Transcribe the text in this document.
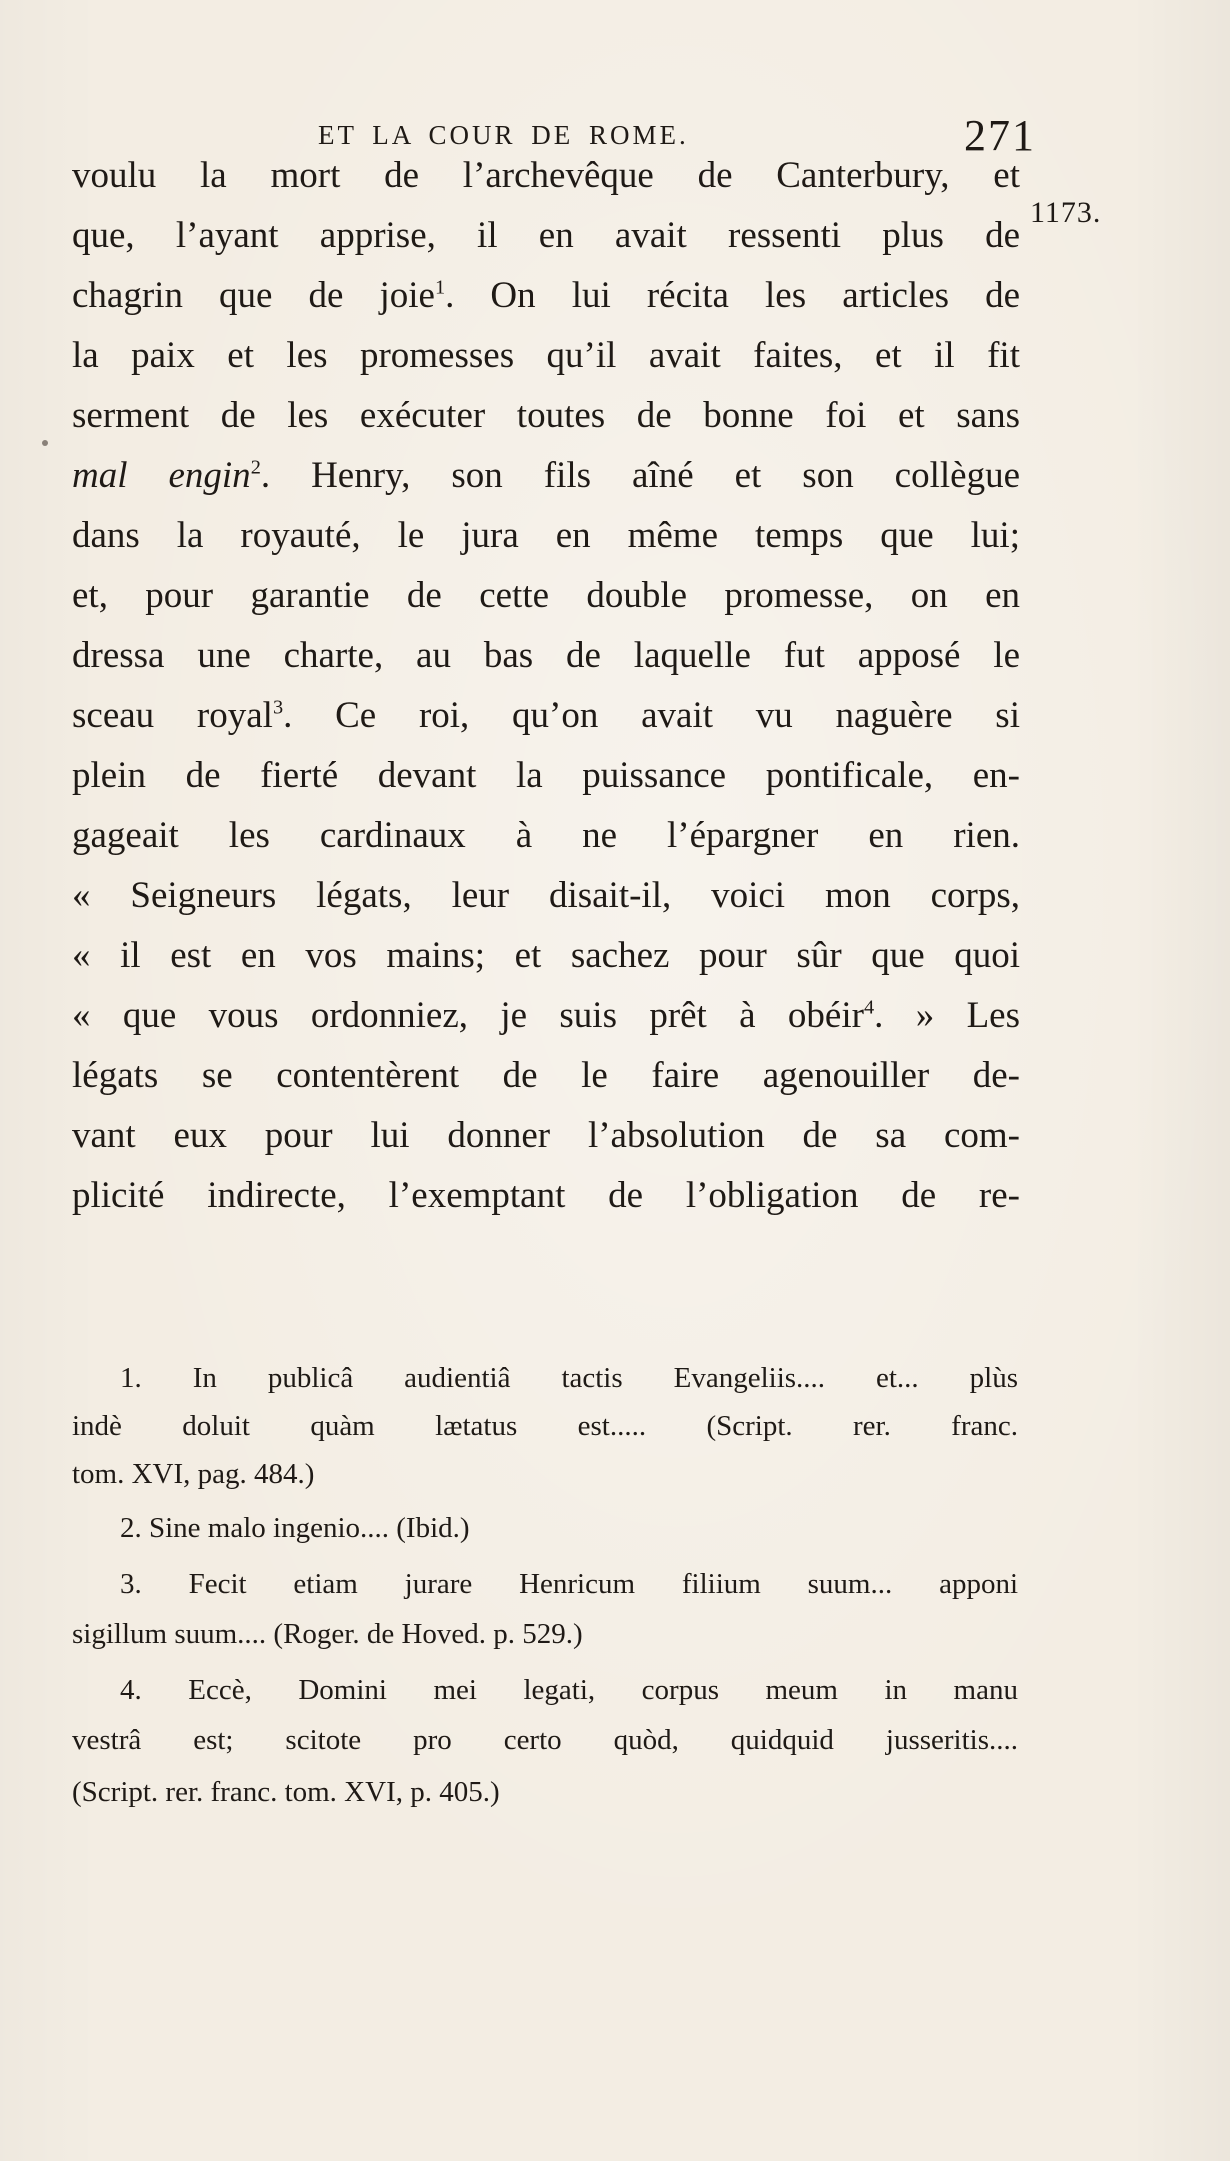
ET LA COUR DE ROME.	271
1173.
voulu la mort de l’archevêque de Canterbury, et
que, l’ayant apprise, il en avait ressenti plus de
chagrin que de joie$^1$. On lui récita les articles de
la paix et les promesses qu’il avait faites, et il fit
serment de les exécuter toutes de bonne foi et sans
mal engin$^2$. Henry, son fils aîné et son collègue
dans la royauté, le jura en même temps que lui;
et, pour garantie de cette double promesse, on en
dressa une charte, au bas de laquelle fut apposé le
sceau royal$^3$. Ce roi, qu’on avait vu naguère si
plein de fierté devant la puissance pontificale, en-
gageait les cardinaux à ne l’épargner en rien.
« Seigneurs légats, leur disait-il, voici mon corps,
« il est en vos mains; et sachez pour sûr que quoi
« que vous ordonniez, je suis prêt à obéir$^4$. » Les
légats se contentèrent de le faire agenouiller de-
vant eux pour lui donner l’absolution de sa com-
plicité indirecte, l’exemptant de l’obligation de re-
1. In publicâ audientiâ tactis Evangeliis.... et... plùs
indè doluit quàm lætatus est..... (Script. rer. franc.
tom. XVI, pag. 484.)
2. Sine malo ingenio.... (Ibid.)
3. Fecit etiam jurare Henricum filiium suum... apponi
sigillum suum.... (Roger. de Hoved. p. 529.)
4. Eccè, Domini mei legati, corpus meum in manu
vestrâ est; scitote pro certo quòd, quidquid jusseritis....
(Script. rer. franc. tom. XVI, p. 405.)
